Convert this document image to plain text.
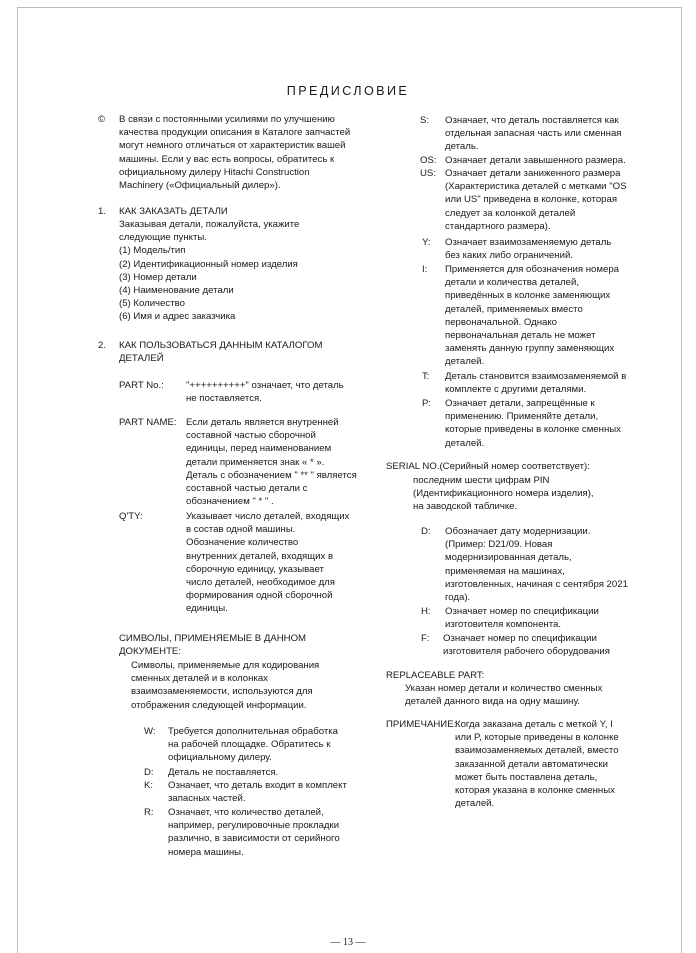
ПРЕДИСЛОВИЕ
© В связи с постоянными усилиями по улучшению
качества продукции описания в Каталоге запчастей
могут немного отличаться от характеристик вашей
машины. Если у вас есть вопросы, обратитесь к
официальному дилеру Hitachi Construction
Machinery («Официальный дилер»).
1. КАК ЗАКАЗАТЬ ДЕТАЛИ
Заказывая детали, пожалуйста, укажите
следующие пункты.
(1) Модель/тип
(2) Идентификационный номер изделия
(3) Номер детали
(4) Наименование детали
(5) Количество
(6) Имя и адрес заказчика
2. КАК ПОЛЬЗОВАТЬСЯ ДАННЫМ КАТАЛОГОМ
ДЕТАЛЕЙ
PART No.: "++++++++++" означает, что деталь
не поставляется.
PART NAME: Если деталь является внутренней
составной частью сборочной
единицы, перед наименованием
детали применяется знак « * ».
Деталь с обозначением " ** " является
составной частью детали с
обозначением " * " .
Q'TY:	Указывает число деталей, входящих
в состав одной машины.
Обозначение количество
внутренних деталей, входящих в
сборочную единицу, указывает
число деталей, необходимое для
формирования одной сборочной
единицы.
СИМВОЛЫ, ПРИМЕНЯЕМЫЕ В ДАННОМ
ДОКУМЕНТЕ:
Символы, применяемые для кодирования
сменных деталей и в колонках
взаимозаменяемости, используются для
отображения следующей информации.
W: Требуется дополнительная обработка
на рабочей площадке. Обратитесь к
официальному дилеру.
D: Деталь не поставляется.
K: Означает, что деталь входит в комплект
запасных частей.
R: Означает, что количество деталей,
например, регулировочные прокладки
различно, в зависимости от серийного
номера машины.
S: Означает, что деталь поставляется как
отдельная запасная часть или сменная
деталь.
OS: Означает детали завышенного размера.
US: Означает детали заниженного размера
(Характеристика деталей с метками "OS
или US" приведена в колонке, которая
следует за колонкой деталей
стандартного размера).
Y: Означает взаимозаменяемую деталь
без каких либо ограничений.
I: Применяется для обозначения номера
детали и количества деталей,
приведённых в колонке заменяющих
деталей, применяемых вместо
первоначальной. Однако
первоначальная деталь не может
заменять данную группу заменяющих
деталей.
T: Деталь становится взаимозаменяемой в
комплекте с другими деталями.
P: Означает детали, запрещённые к
применению. Применяйте детали,
которые приведены в колонке сменных
деталей.
SERIAL NO.(Серийный номер соответствует):
последним шести цифрам PIN
(Идентификационного номера изделия),
на заводской табличке.
D: Обозначает дату модернизации.
(Пример: D21/09. Новая
модернизированная деталь,
применяемая на машинах,
изготовленных, начиная с сентября 2021
года).
H: Означает номер по спецификации
изготовителя компонента.
F: Означает номер по спецификации
изготовителя рабочего оборудования
REPLACEABLE PART:
Указан номер детали и количество сменных
деталей данного вида на одну машину.
ПРИМЕЧАНИЕ:
Когда заказана деталь с меткой Y, I
или P, которые приведены в колонке
взаимозаменяемых деталей, вместо
заказанной детали автоматически
может быть поставлена деталь,
которая указана в колонке сменных
деталей.
— 13 —
